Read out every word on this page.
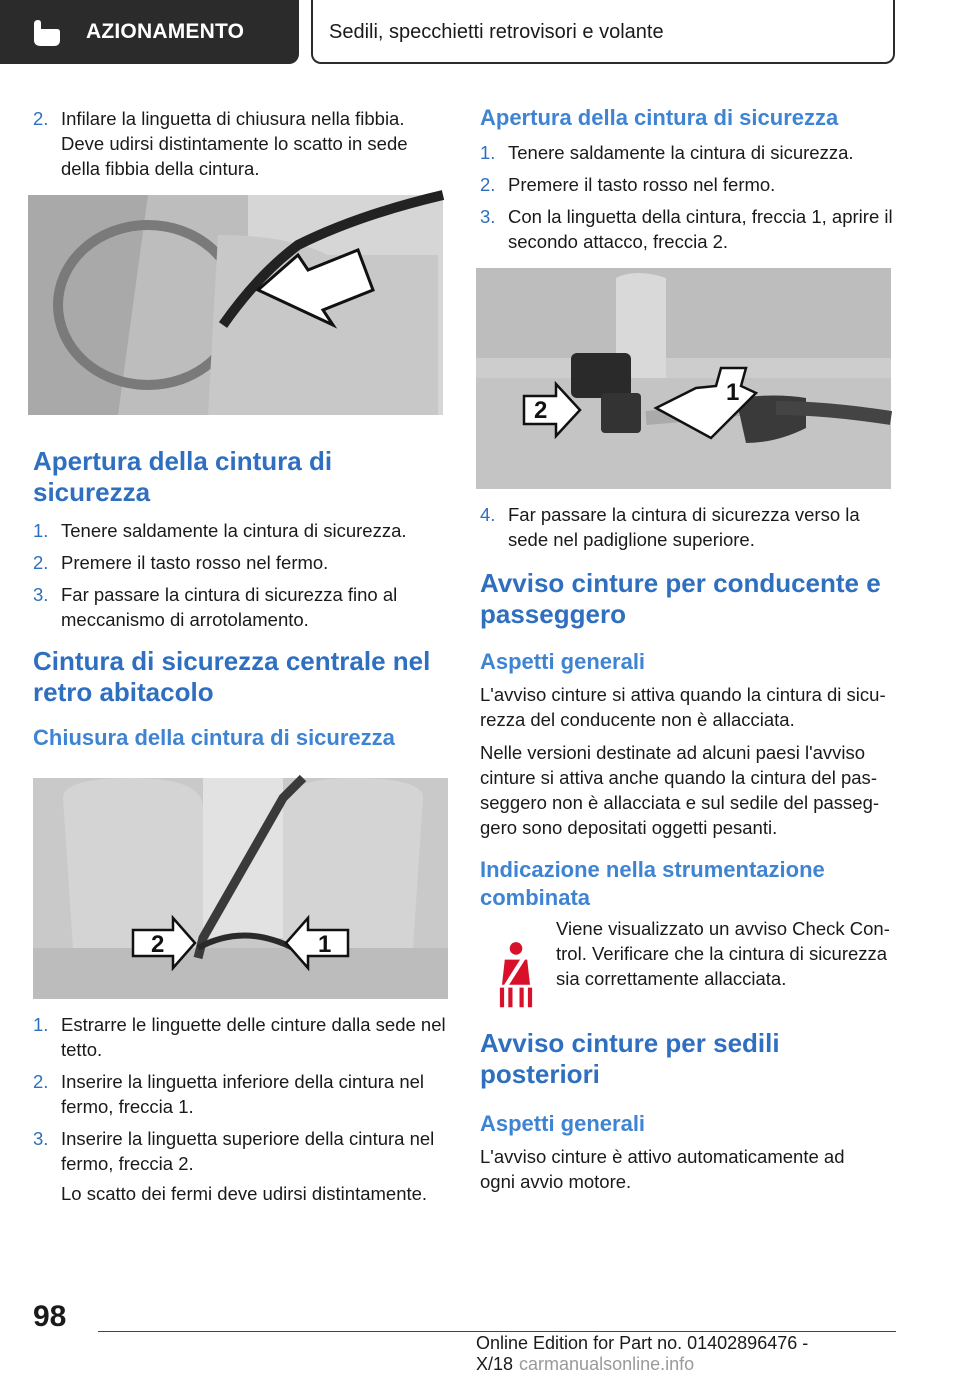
AZIONAMENTO	Sedili, specchietti retrovisori e volante
2. Infilare la linguetta di chiusura nella fibbia. Deve udirsi distintamente lo scatto in sede della fibbia della cintura.
Apertura della cintura di sicurezza
1. Tenere saldamente la cintura di sicurezza.
2. Premere il tasto rosso nel fermo.
3. Far passare la cintura di sicurezza fino al meccanismo di arrotolamento.
Cintura di sicurezza centrale nel retro abitacolo
Chiusura della cintura di sicurezza
2	1
1. Estrarre le linguette delle cinture dalla sede nel tetto.
2. Inserire la linguetta inferiore della cintura nel fermo, freccia 1.
3. Inserire la linguetta superiore della cintura nel fermo, freccia 2.
Lo scatto dei fermi deve udirsi distintamente.
Apertura della cintura di sicurezza
1. Tenere saldamente la cintura di sicurezza.
2. Premere il tasto rosso nel fermo.
3. Con la linguetta della cintura, freccia 1, aprire il secondo attacco, freccia 2.
2
1
4. Far passare la cintura di sicurezza verso la sede nel padiglione superiore.
Avviso cinture per conducente e passeggero
Aspetti generali

L'avviso cinture si attiva quando la cintura di sicurezza del conducente non è allacciata.

Nelle versioni destinate ad alcuni paesi l'avviso cinture si attiva anche quando la cintura del passeggero non è allacciata e sul sedile del passeggero sono depositati oggetti pesanti.

Indicazione nella strumentazione combinata

Viene visualizzato un avviso Check Control. Verificare che la cintura di sicurezza sia correttamente allacciata.

Avviso cinture per sedili posteriori
Aspetti generali

L'avviso cinture è attivo automaticamente ad ogni avvio motore.

98
Online Edition for Part no. 01402896476 - X/18 carmanualsonline.info
